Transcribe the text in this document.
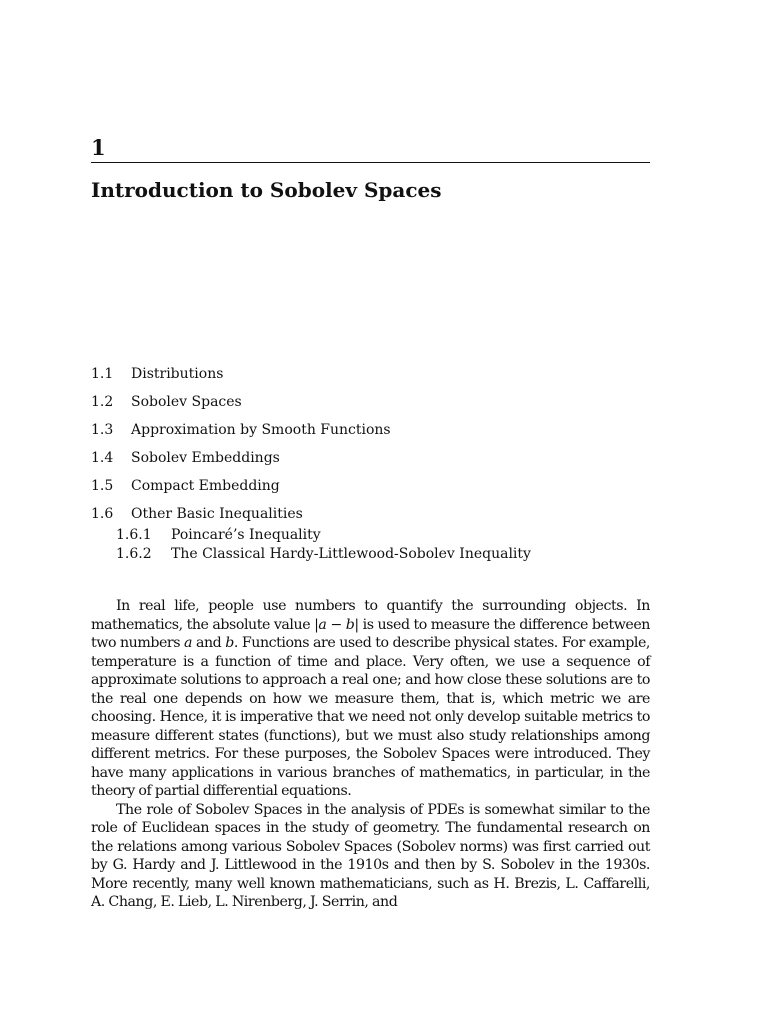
1
Introduction to Sobolev Spaces
1.1 Distributions
1.2 Sobolev Spaces
1.3 Approximation by Smooth Functions
1.4 Sobolev Embeddings
1.5 Compact Embedding
1.6 Other Basic Inequalities
1.6.1 Poincaré’s Inequality
1.6.2 The Classical Hardy-Littlewood-Sobolev Inequality

In real life, people use numbers to quantify the surrounding objects. In mathematics, the absolute value |a − b| is used to measure the difference between two numbers a and b. Functions are used to describe physical states. For example, temperature is a function of time and place. Very often, we use a sequence of approximate solutions to approach a real one; and how close these solutions are to the real one depends on how we measure them, that is, which metric we are choosing. Hence, it is imperative that we need not only develop suitable metrics to measure different states (functions), but we must also study relationships among different metrics. For these purposes, the Sobolev Spaces were introduced. They have many applications in various branches of mathematics, in particular, in the theory of partial differential equations.

The role of Sobolev Spaces in the analysis of PDEs is somewhat similar to the role of Euclidean spaces in the study of geometry. The fundamental research on the relations among various Sobolev Spaces (Sobolev norms) was first carried out by G. Hardy and J. Littlewood in the 1910s and then by S. Sobolev in the 1930s. More recently, many well known mathematicians, such as H. Brezis, L. Caffarelli, A. Chang, E. Lieb, L. Nirenberg, J. Serrin, and
